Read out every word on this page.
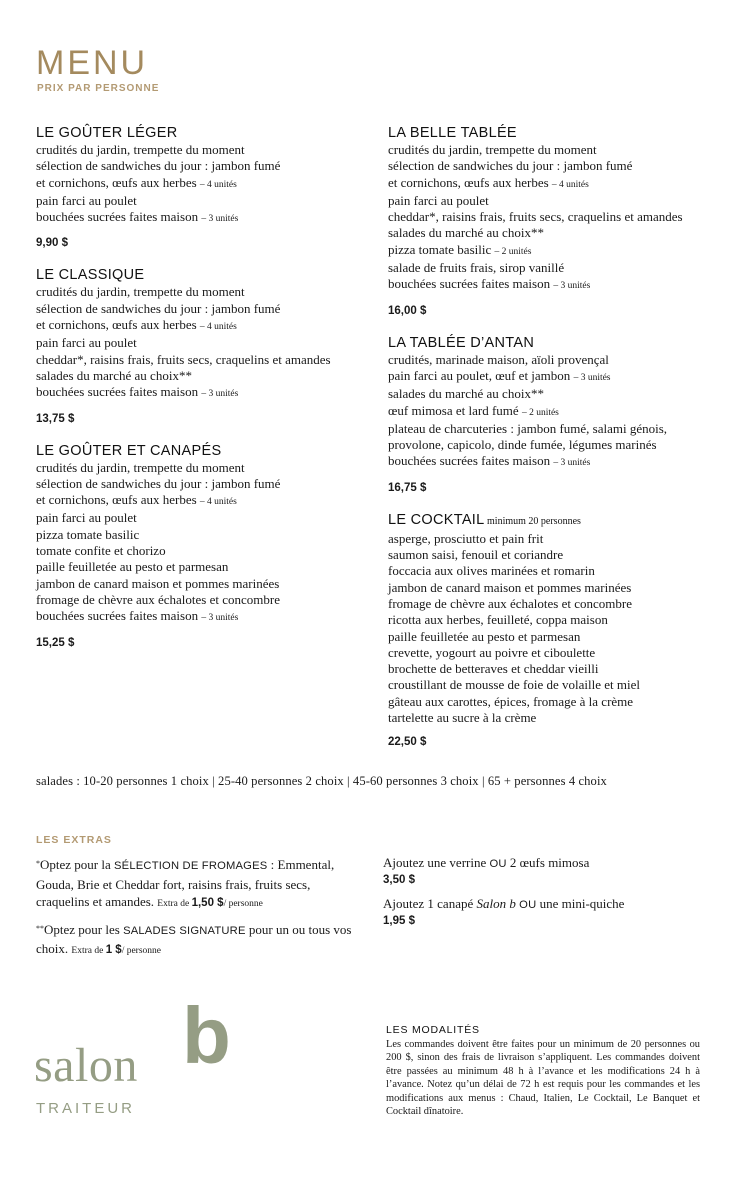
MENU
PRIX PAR PERSONNE
LE GOÛTER LÉGER
crudités du jardin, trempette du moment
sélection de sandwiches du jour : jambon fumé
et cornichons, œufs aux herbes – 4 unités
pain farci au poulet
bouchées sucrées faites maison – 3 unités
9,90 $
LE CLASSIQUE
crudités du jardin, trempette du moment
sélection de sandwiches du jour : jambon fumé
et cornichons, œufs aux herbes – 4 unités
pain farci au poulet
cheddar*, raisins frais, fruits secs, craquelins et amandes
salades du marché au choix**
bouchées sucrées faites maison – 3 unités
13,75 $
LE GOÛTER ET CANAPÉS
crudités du jardin, trempette du moment
sélection de sandwiches du jour : jambon fumé
et cornichons, œufs aux herbes – 4 unités
pain farci au poulet
pizza tomate basilic
tomate confite et chorizo
paille feuilletée au pesto et parmesan
jambon de canard maison et pommes marinées
fromage de chèvre aux échalotes et concombre
bouchées sucrées faites maison – 3 unités
15,25 $
LA BELLE TABLÉE
crudités du jardin, trempette du moment
sélection de sandwiches du jour : jambon fumé
et cornichons, œufs aux herbes – 4 unités
pain farci au poulet
cheddar*, raisins frais, fruits secs, craquelins et amandes
salades du marché au choix**
pizza tomate basilic – 2 unités
salade de fruits frais, sirop vanillé
bouchées sucrées faites maison – 3 unités
16,00 $
LA TABLÉE D’ANTAN
crudités, marinade maison, aïoli provençal
pain farci au poulet, œuf et jambon – 3 unités
salades du marché au choix**
œuf mimosa et lard fumé – 2 unités
plateau de charcuteries : jambon fumé, salami génois,
provolone, capicolo, dinde fumée, légumes marinés
bouchées sucrées faites maison – 3 unités
16,75 $
LE COCKTAIL minimum 20 personnes
asperge, prosciutto et pain frit
saumon saisi, fenouil et coriandre
foccacia aux olives marinées et romarin
jambon de canard maison et pommes marinées
fromage de chèvre aux échalotes et concombre
ricotta aux herbes, feuilleté, coppa maison
paille feuilletée au pesto et parmesan
crevette, yogourt au poivre et ciboulette
brochette de betteraves et cheddar vieilli
croustillant de mousse de foie de volaille et miel
gâteau aux carottes, épices, fromage à la crème
tartelette au sucre à la crème
22,50 $
salades : 10-20 personnes 1 choix | 25-40 personnes 2 choix | 45-60 personnes 3 choix | 65 + personnes 4 choix
LES EXTRAS

*Optez pour la SÉLECTION DE FROMAGES : Emmental, Gouda, Brie et Cheddar fort, raisins frais, fruits secs, craquelins et amandes. Extra de 1,50 $/ personne

**Optez pour les SALADES SIGNATURE pour un ou tous vos choix. Extra de 1 $/ personne

Ajoutez une verrine OU 2 œufs mimosa
3,50 $
Ajoutez 1 canapé Salon b OU une mini-quiche
1,95 $
salon b
TRAITEUR
LES MODALITÉS
Les commandes doivent être faites pour un minimum de 20 personnes ou 200 $, sinon des frais de livraison s’appliquent. Les commandes doivent être passées au minimum 48 h à l’avance et les modifications 24 h à l’avance. Notez qu’un délai de 72 h est requis pour les commandes et les modifications aux menus : Chaud, Italien, Le Cocktail, Le Banquet et Cocktail dînatoire.
